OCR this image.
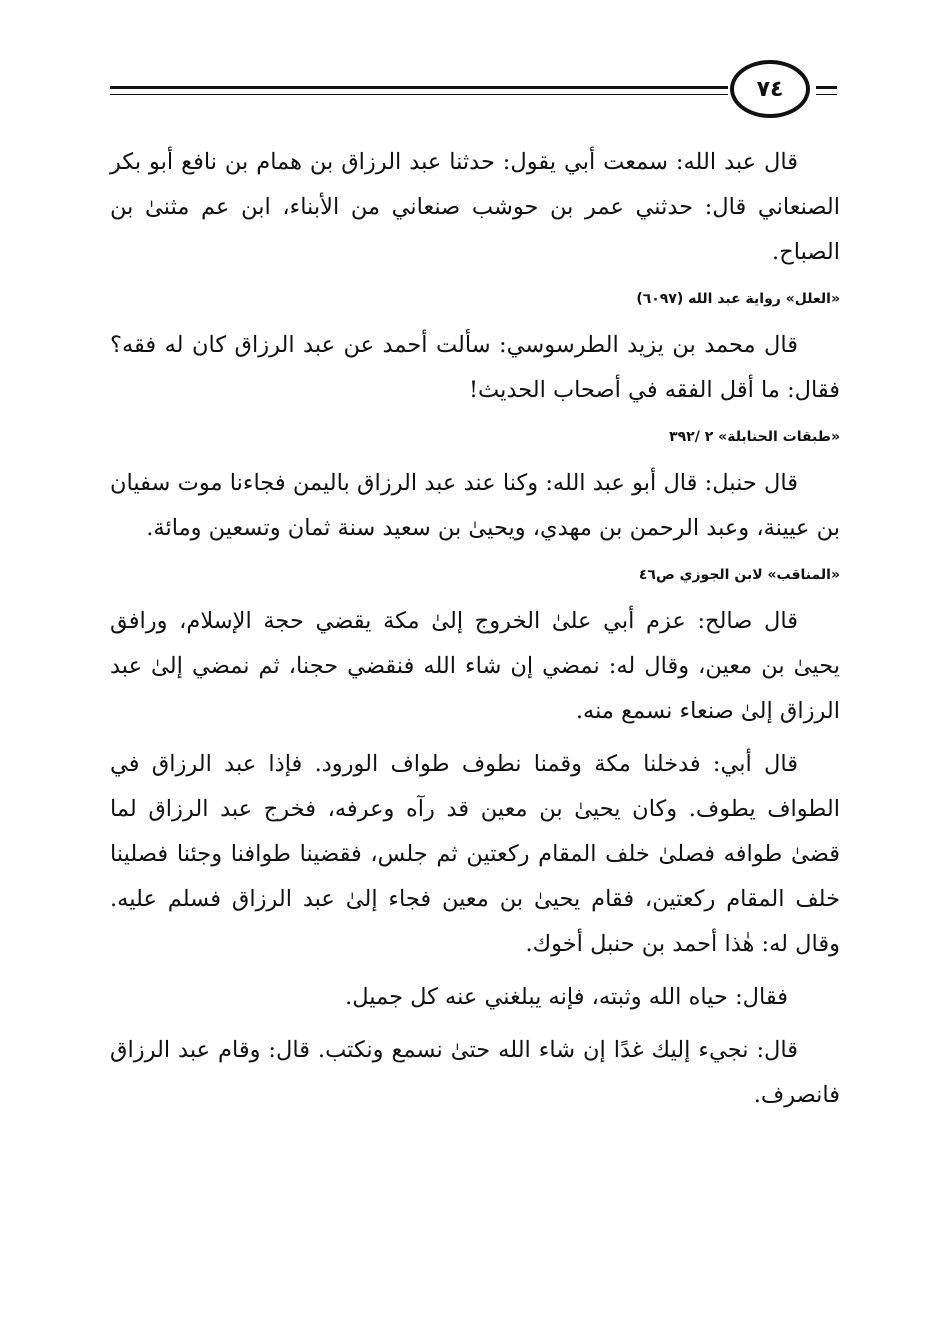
٧٤

قال عبد الله: سمعت أبي يقول: حدثنا عبد الرزاق بن همام بن نافع أبو بكر الصنعاني قال: حدثني عمر بن حوشب صنعاني من الأبناء، ابن عم مثنىٰ بن الصباح.

«العلل» رواية عبد الله (٦٠٩٧)

قال محمد بن يزيد الطرسوسي: سألت أحمد عن عبد الرزاق كان له فقه؟ فقال: ما أقل الفقه في أصحاب الحديث!

«طبقات الحنابلة» ٢ /٣٩٢

قال حنبل: قال أبو عبد الله: وكنا عند عبد الرزاق باليمن فجاءنا موت سفيان بن عيينة، وعبد الرحمن بن مهدي، ويحيىٰ بن سعيد سنة ثمان وتسعين ومائة.

«المناقب» لابن الجوزي ص٤٦

قال صالح: عزم أبي علىٰ الخروج إلىٰ مكة يقضي حجة الإسلام، ورافق يحيىٰ بن معين، وقال له: نمضي إن شاء الله فنقضي حجنا، ثم نمضي إلىٰ عبد الرزاق إلىٰ صنعاء نسمع منه.

قال أبي: فدخلنا مكة وقمنا نطوف طواف الورود. فإذا عبد الرزاق في الطواف يطوف. وكان يحيىٰ بن معين قد رآه وعرفه، فخرج عبد الرزاق لما قضىٰ طوافه فصلىٰ خلف المقام ركعتين ثم جلس، فقضينا طوافنا وجئنا فصلينا خلف المقام ركعتين، فقام يحيىٰ بن معين فجاء إلىٰ عبد الرزاق فسلم عليه. وقال له: هٰذا أحمد بن حنبل أخوك.

فقال: حياه الله وثبته، فإنه يبلغني عنه كل جميل.

قال: نجيء إليك غدًا إن شاء الله حتىٰ نسمع ونكتب. قال: وقام عبد الرزاق فانصرف.
